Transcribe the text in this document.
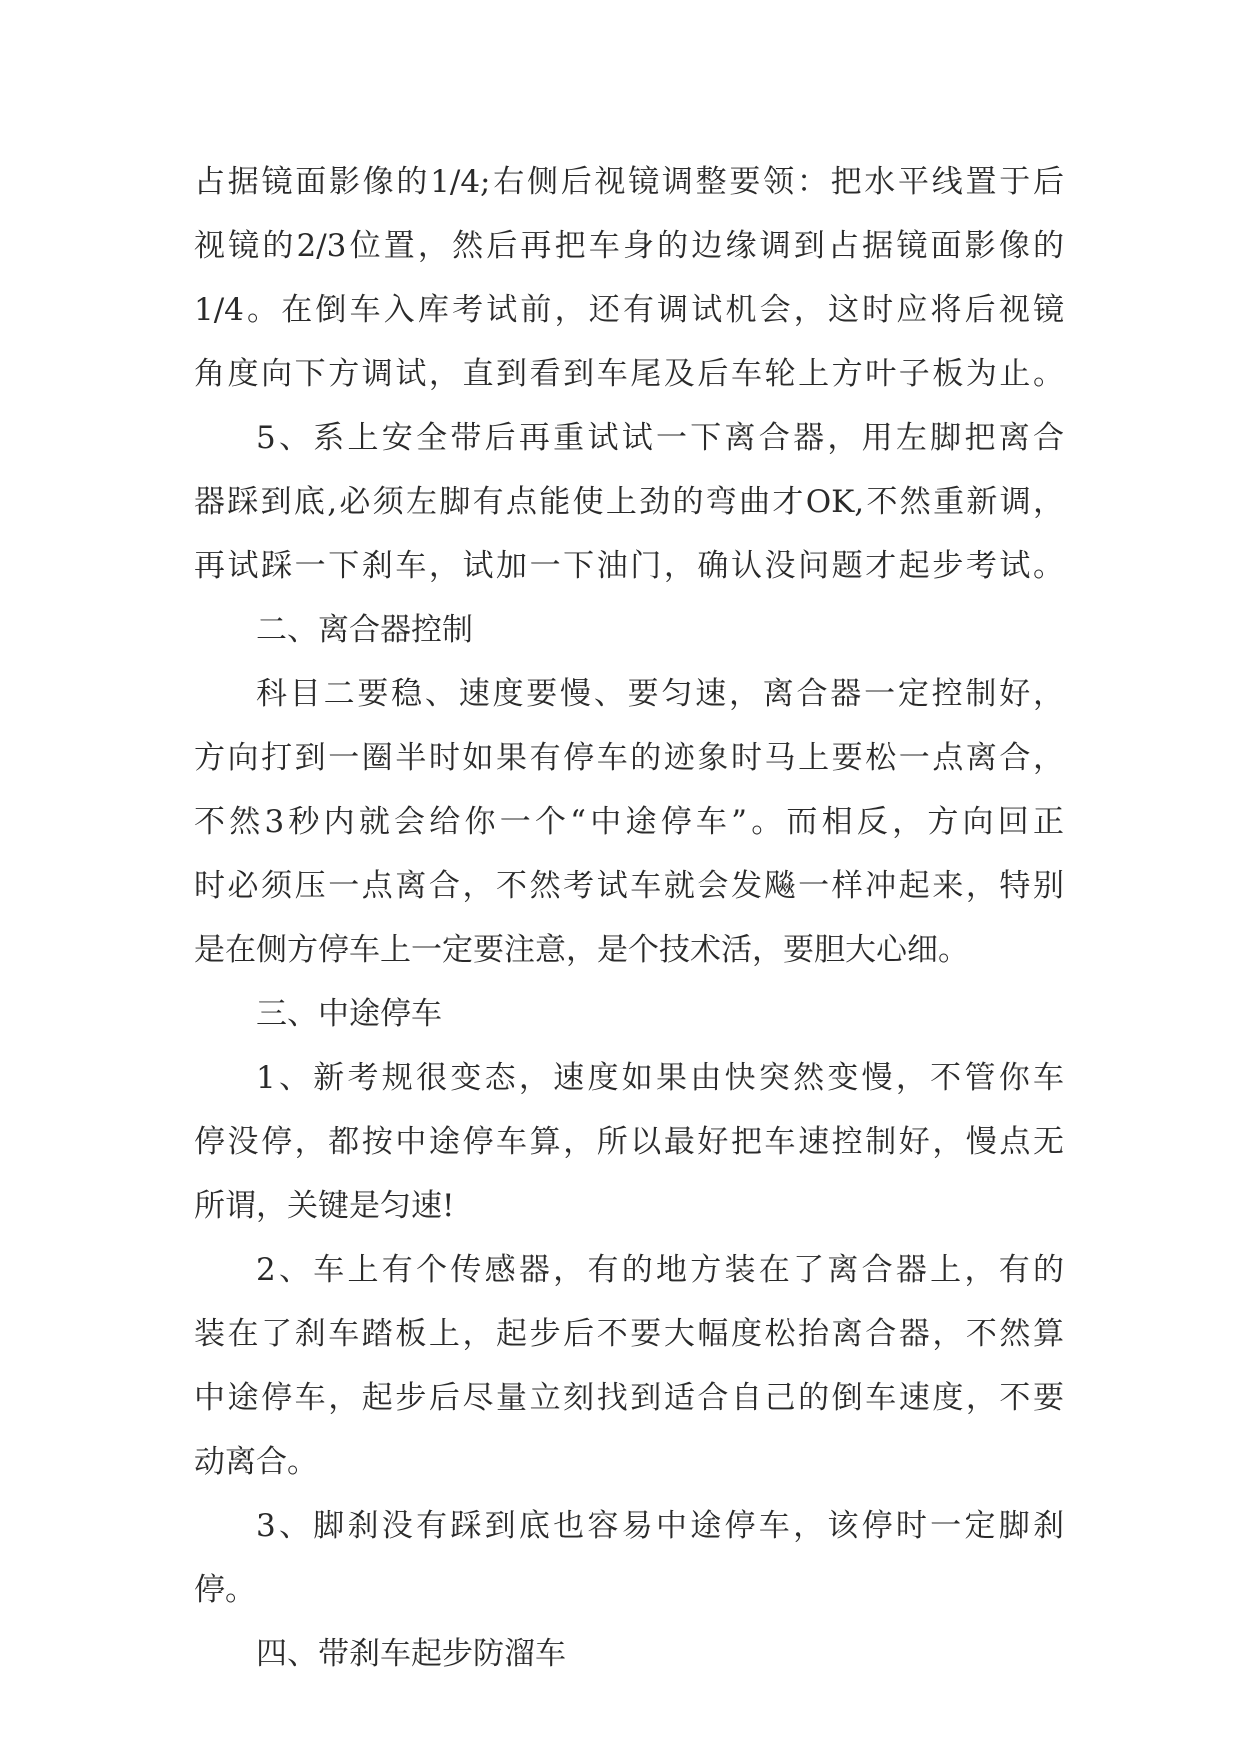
占据镜面影像的1/4;右侧后视镜调整要领：把水平线置于后
视镜的2/3位置，然后再把车身的边缘调到占据镜面影像的
1/4。在倒车入库考试前，还有调试机会，这时应将后视镜
角度向下方调试，直到看到车尾及后车轮上方叶子板为止。
5、系上安全带后再重试试一下离合器，用左脚把离合
器踩到底,必须左脚有点能使上劲的弯曲才OK,不然重新调，
再试踩一下刹车，试加一下油门，确认没问题才起步考试。
二、离合器控制
科目二要稳、速度要慢、要匀速，离合器一定控制好，
方向打到一圈半时如果有停车的迹象时马上要松一点离合，
不然3秒内就会给你一个“中途停车”。而相反，方向回正
时必须压一点离合，不然考试车就会发飚一样冲起来，特别
是在侧方停车上一定要注意，是个技术活，要胆大心细。
三、中途停车
1、新考规很变态，速度如果由快突然变慢，不管你车
停没停，都按中途停车算，所以最好把车速控制好，慢点无
所谓，关键是匀速!
2、车上有个传感器，有的地方装在了离合器上，有的
装在了刹车踏板上，起步后不要大幅度松抬离合器，不然算
中途停车，起步后尽量立刻找到适合自己的倒车速度，不要
动离合。
3、脚刹没有踩到底也容易中途停车，该停时一定脚刹
停。
四、带刹车起步防溜车
